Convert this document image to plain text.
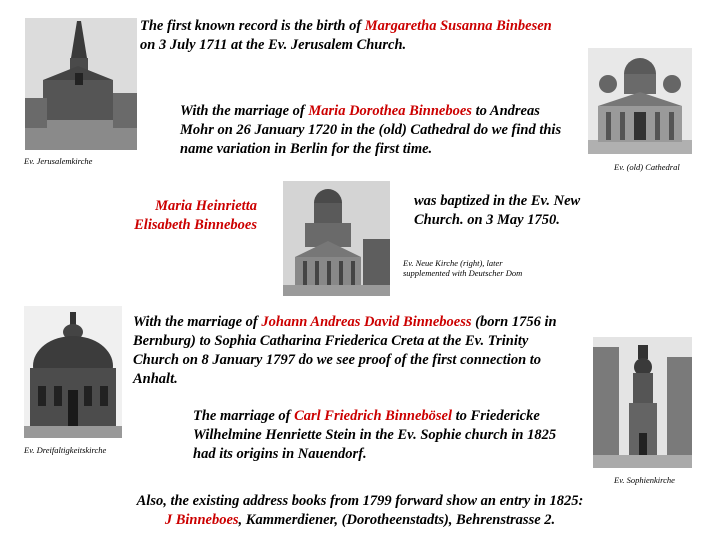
The first known record is the birth of Margaretha Susanna Binbesen on 3 July 1711 at the Ev. Jerusalem Church.
Ev. Jerusalemkirche
With the marriage of Maria Dorothea Binneboes to Andreas Mohr on 26 January 1720 in the (old) Cathedral do we find this name variation in Berlin for the first time.
Ev. (old) Cathedral
Maria Heinrietta
Elisabeth Binneboes
was baptized in the Ev. New Church. on 3 May 1750.
Ev. Neue Kirche (right), later supplemented with Deutscher Dom
With the marriage of Johann Andreas David Binneboess (born 1756 in Bernburg) to Sophia Catharina Friederica Creta at the Ev. Trinity Church on 8 January 1797 do we see proof of the first connection to Anhalt.
Ev. Dreifaltigkeitskirche
The marriage of Carl Friedrich Binnebösel to Friedericke Wilhelmine Henriette Stein in the Ev. Sophie church in 1825 had its origins in Nauendorf.
Ev. Sophienkirche
Also, the existing address books from 1799 forward show an entry in 1825:
J Binneboes, Kammerdiener, (Dorotheenstadts), Behrenstrasse 2.
